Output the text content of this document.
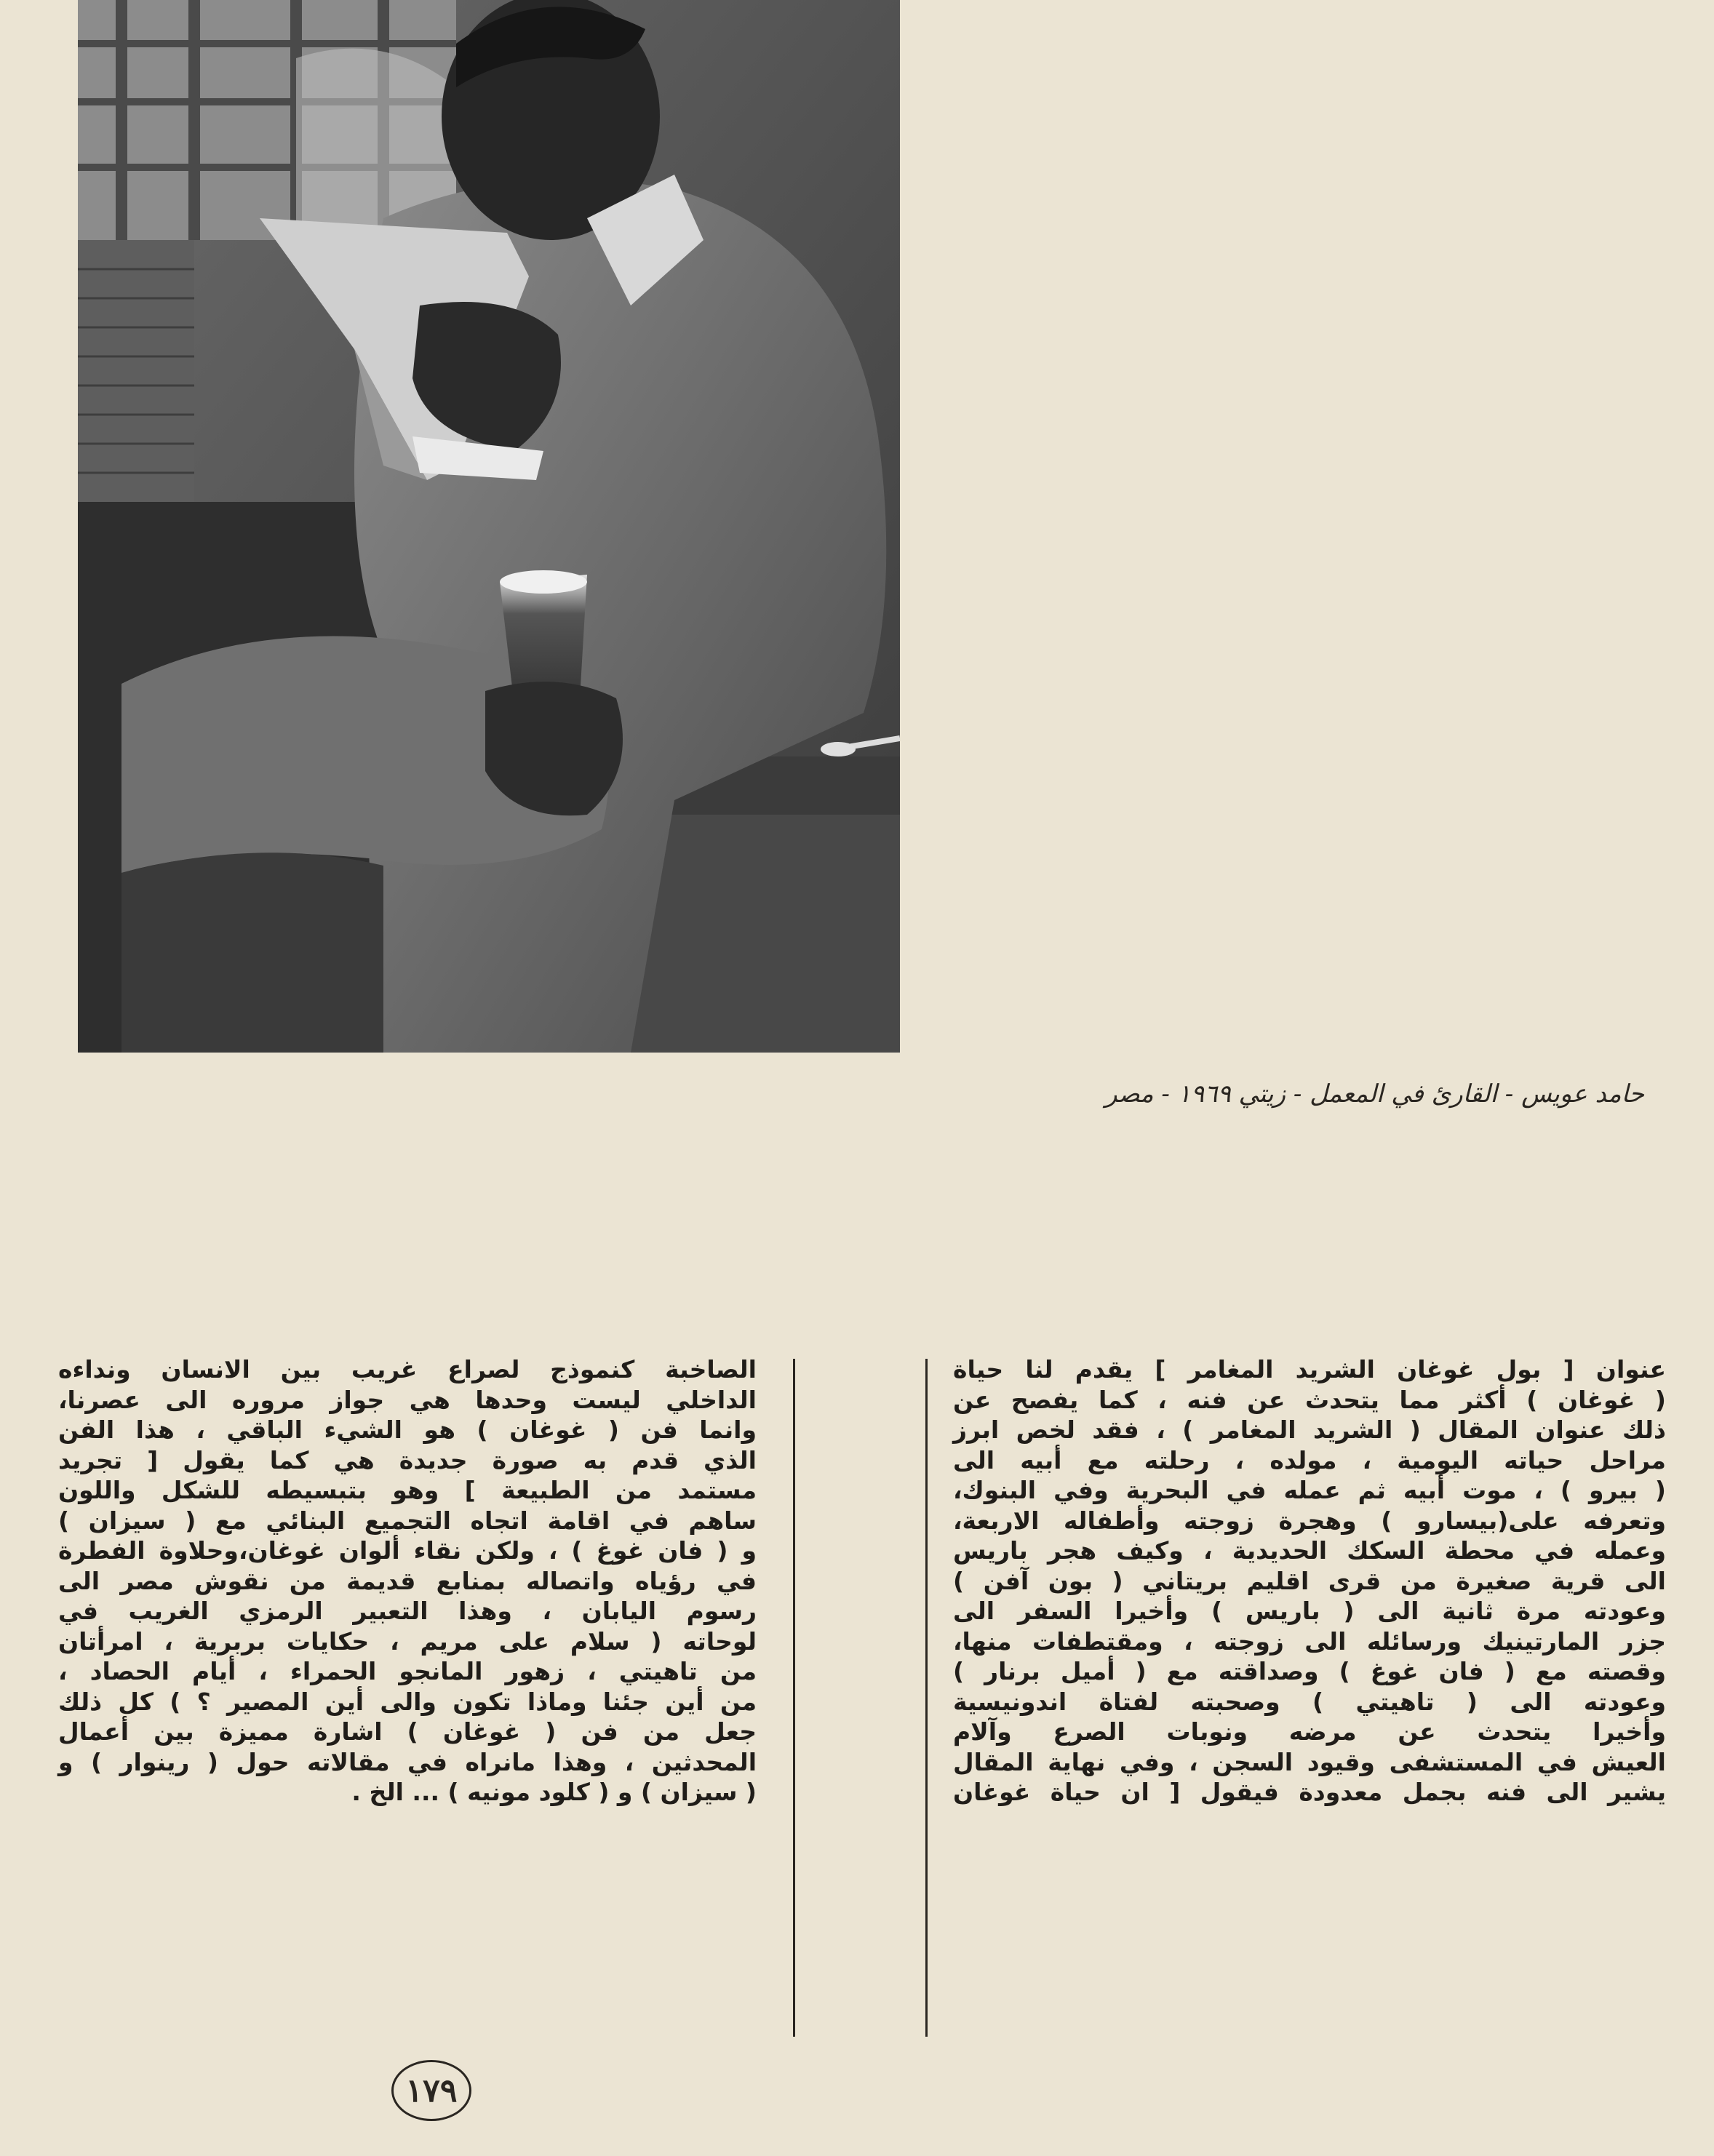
حامد عويس - القارئ في المعمل - زيتي ١٩٦٩ - مصر
عنوان [ بول غوغان الشريد المغامر ] يقدم لنا حياة
( غوغان ) أكثر مما يتحدث عن فنه ، كما يفصح عن
ذلك عنوان المقال ( الشريد المغامر ) ، فقد لخص ابرز
مراحل حياته اليومية ، مولده ، رحلته مع أبيه الى
( بيرو ) ، موت أبيه ثم عمله في البحرية وفي البنوك،
وتعرفه على(بيسارو ) وهجرة زوجته وأطفاله الاربعة،
وعمله في محطة السكك الحديدية ، وكيف هجر باريس
الى قرية صغيرة من قرى اقليم بريتاني ( بون آفن )
وعودته مرة ثانية الى ( باريس ) وأخيرا السفر الى
جزر المارتينيك ورسائله الى زوجته ، ومقتطفات منها،
وقصته مع ( فان غوغ ) وصداقته مع ( أميل برنار )
وعودته الى ( تاهيتي ) وصحبته لفتاة اندونيسية
وأخيرا يتحدث عن مرضه ونوبات الصرع وآلام
العيش في المستشفى وقيود السجن ، وفي نهاية المقال
يشير الى فنه بجمل معدودة فيقول [ ان حياة غوغان
الصاخبة كنموذج لصراع غريب بين الانسان ونداءه
الداخلي ليست وحدها هي جواز مروره الى عصرنا،
وانما فن ( غوغان ) هو الشيء الباقي ، هذا الفن
الذي قدم به صورة جديدة هي كما يقول [ تجريد
مستمد من الطبيعة ] وهو بتبسيطه للشكل واللون
ساهم في اقامة اتجاه التجميع البنائي مع ( سيزان )
و ( فان غوغ ) ، ولكن نقاء ألوان غوغان،وحلاوة الفطرة
في رؤياه واتصاله بمنابع قديمة من نقوش مصر الى
رسوم اليابان ، وهذا التعبير الرمزي الغريب في
لوحاته ( سلام على مريم ، حكايات بربرية ، امرأتان
من تاهيتي ، زهور المانجو الحمراء ، أيام الحصاد ،
من أين جئنا وماذا تكون والى أين المصير ؟ ) كل ذلك
جعل من فن ( غوغان ) اشارة مميزة بين أعمال
المحدثين ، وهذا مانراه في مقالاته حول ( رينوار ) و
( سيزان ) و ( كلود مونيه ) ... الخ .
١٧٩
